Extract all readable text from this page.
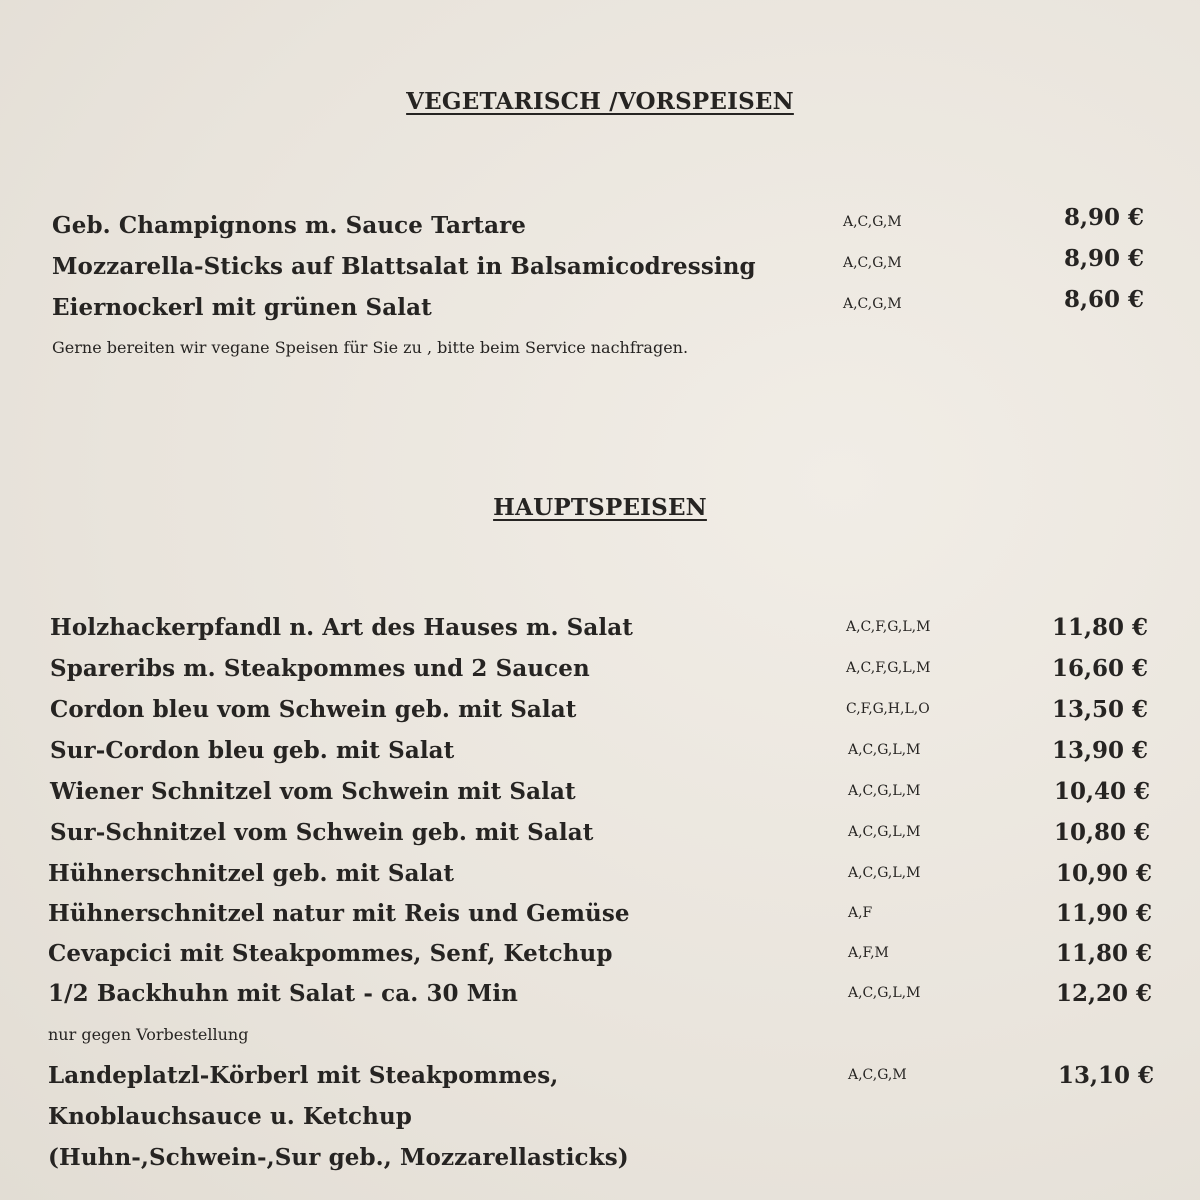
VEGETARISCH /VORSPEISEN
Geb. Champignons m. Sauce Tartare	A,C,G,M	8,90 €
Mozzarella-Sticks auf Blattsalat in Balsamicodressing	A,C,G,M	8,90 €
Eiernockerl mit grünen Salat	A,C,G,M	8,60 €
Gerne bereiten wir vegane Speisen für Sie zu , bitte beim Service nachfragen.
HAUPTSPEISEN
Holzhackerpfandl n. Art des Hauses m. Salat	A,C,F,G,L,M	11,80 €
Spareribs m. Steakpommes und 2 Saucen	A,C,F,G,L,M	16,60 €
Cordon bleu vom Schwein geb. mit Salat	C,F,G,H,L,O	13,50 €
Sur-Cordon bleu geb. mit Salat	A,C,G,L,M	13,90 €
Wiener Schnitzel vom Schwein mit Salat	A,C,G,L,M	10,40 €
Sur-Schnitzel vom Schwein geb. mit Salat	A,C,G,L,M	10,80 €
Hühnerschnitzel geb. mit Salat	A,C,G,L,M	10,90 €
Hühnerschnitzel natur mit Reis und Gemüse	A,F	11,90 €
Cevapcici mit Steakpommes, Senf, Ketchup	A,F,M	11,80 €
1/2 Backhuhn mit Salat - ca. 30 Min	A,C,G,L,M	12,20 €
nur gegen Vorbestellung
Landeplatzl-Körberl mit Steakpommes,	A,C,G,M	13,10 €
Knoblauchsauce u. Ketchup
(Huhn-,Schwein-,Sur geb., Mozzarellasticks)
